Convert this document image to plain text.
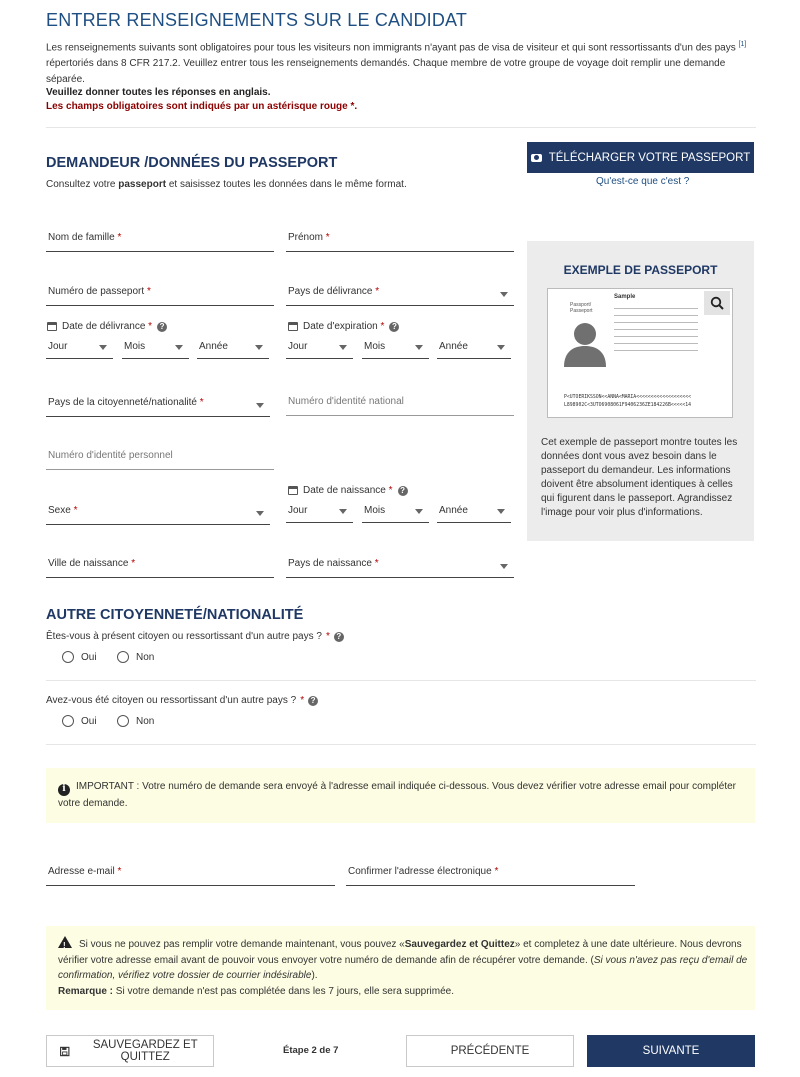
ENTRER RENSEIGNEMENTS SUR LE CANDIDAT
Les renseignements suivants sont obligatoires pour tous les visiteurs non immigrants n'ayant pas de visa de visiteur et qui sont ressortissants d'un des pays [1]
répertoriés dans 8 CFR 217.2. Veuillez entrer tous les renseignements demandés. Chaque membre de votre groupe de voyage doit remplir une demande séparée.
Veuillez donner toutes les réponses en anglais.
Les champs obligatoires sont indiqués par un astérisque rouge *.
DEMANDEUR /DONNÉES DU PASSEPORT
Consultez votre passeport et saisissez toutes les données dans le même format.
TÉLÉCHARGER VOTRE PASSEPORT
Qu'est-ce que c'est ?
Nom de famille *	Prénom *
Numéro de passeport *	Pays de délivrance *
Date de délivrance * ?
Jour	Mois	Année
Date d'expiration * ?
Jour	Mois	Année
Pays de la citoyenneté/nationalité *	Numéro d'identité national
Numéro d'identité personnel
Sexe *
Date de naissance * ?
Jour	Mois	Année
Ville de naissance *	Pays de naissance *
EXEMPLE DE PASSEPORT
Passport/ Passeport
Sample
P<UTOERIKSSON<<ANNA<MARIA<<<<<<<<<<<<<<<<<<<
L898902C<3UTO6908061F9406236ZE184226B<<<<<14
Cet exemple de passeport montre toutes les données dont vous avez besoin dans le passeport du demandeur. Les informations doivent être absolument identiques à celles qui figurent dans le passeport. Agrandissez l'image pour voir plus d'informations.
AUTRE CITOYENNETÉ/NATIONALITÉ
Êtes-vous à présent citoyen ou ressortissant d'un autre pays ? * ?
Oui	Non
Avez-vous été citoyen ou ressortissant d'un autre pays ? * ?
Oui	Non
i IMPORTANT : Votre numéro de demande sera envoyé à l'adresse email indiquée ci-dessous. Vous devez vérifier votre adresse email pour compléter votre demande.
Adresse e-mail *	Confirmer l'adresse électronique *
!Si vous ne pouvez pas remplir votre demande maintenant, vous pouvez «Sauvegardez et Quittez» et completez à une date ultérieure. Nous devrons vérifier votre adresse email avant de pouvoir vous envoyer votre numéro de demande afin de récupérer votre demande. (Si vous n'avez pas reçu d'email de confirmation, vérifiez votre dossier de courrier indésirable).
Remarque : Si votre demande n'est pas complétée dans les 7 jours, elle sera supprimée.
SAUVEGARDEZ ET QUITTEZ
Étape 2 de 7	PRÉCÉDENTE	SUIVANTE
